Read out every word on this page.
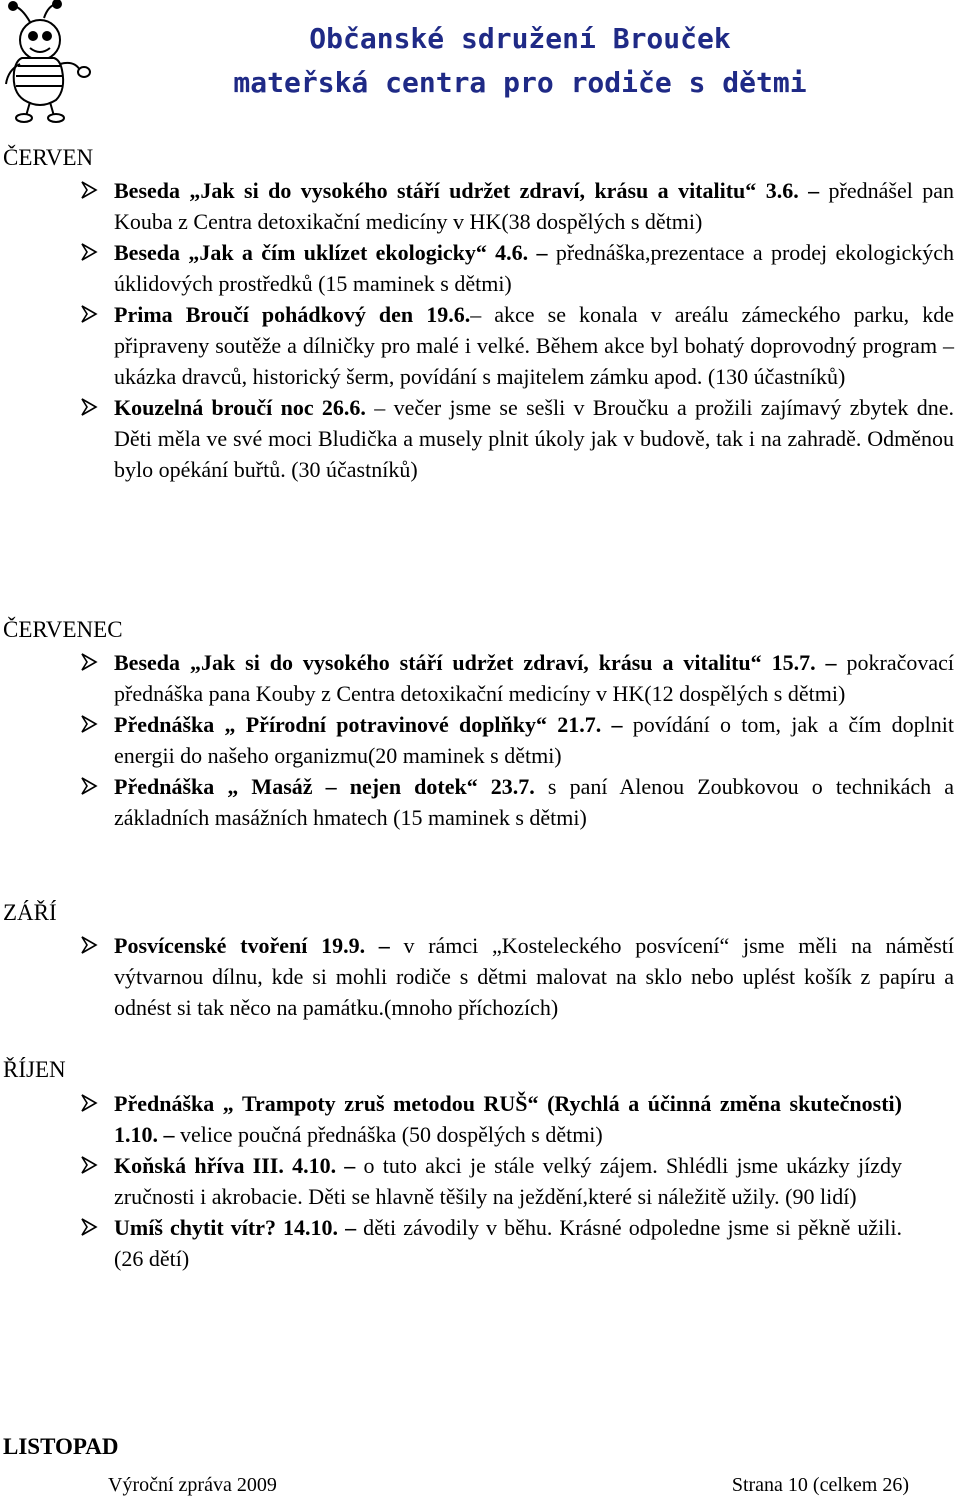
Občanské sdružení Brouček
mateřská centra pro rodiče s dětmi
ČERVEN
Beseda „Jak si do vysokého stáří udržet zdraví, krásu a vitalitu“ 3.6. – přednášel pan Kouba z Centra detoxikační medicíny v HK(38 dospělých s dětmi)
Beseda „Jak a čím uklízet ekologicky“ 4.6. – přednáška,prezentace a prodej ekologických úklidových prostředků (15 maminek s dětmi)
Prima Broučí pohádkový den 19.6.– akce se konala v areálu zámeckého parku, kde připraveny soutěže a dílničky pro malé i velké. Během akce byl bohatý doprovodný program – ukázka dravců, historický šerm, povídání s majitelem zámku apod. (130 účastníků)
Kouzelná broučí noc 26.6. – večer jsme se sešli v Broučku a prožili zajímavý zbytek dne. Děti měla ve své moci Bludička a musely plnit úkoly jak v budově, tak i na zahradě. Odměnou bylo opékání buřtů. (30 účastníků)
ČERVENEC
Beseda „Jak si do vysokého stáří udržet zdraví, krásu a vitalitu“ 15.7. – pokračovací přednáška pana Kouby z Centra detoxikační medicíny v HK(12 dospělých s dětmi)
Přednáška „ Přírodní potravinové doplňky“ 21.7. – povídání o tom, jak a čím doplnit energii do našeho organizmu(20 maminek s dětmi)
Přednáška „ Masáž – nejen dotek“ 23.7. s paní Alenou Zoubkovou o technikách a základních masážních hmatech (15 maminek s dětmi)
ZÁŘÍ
Posvícenské tvoření 19.9. – v rámci „Kosteleckého posvícení“ jsme měli na náměstí výtvarnou dílnu, kde si mohli rodiče s dětmi malovat na sklo nebo uplést košík z papíru a odnést si tak něco na památku.(mnoho příchozích)
ŘÍJEN
Přednáška „ Trampoty zruš metodou RUŠ“ (Rychlá a účinná změna skutečnosti) 1.10. – velice poučná přednáška (50 dospělých s dětmi)
Koňská hříva III. 4.10. – o tuto akci je stále velký zájem. Shlédli jsme ukázky jízdy zručnosti i akrobacie. Děti se hlavně těšily na ježdění,které si náležitě užily. (90 lidí)
Umíš chytit vítr? 14.10. – děti závodily v běhu. Krásné odpoledne jsme si pěkně užili. (26 dětí)
LISTOPAD
Výroční zpráva 2009	Strana 10 (celkem 26)
